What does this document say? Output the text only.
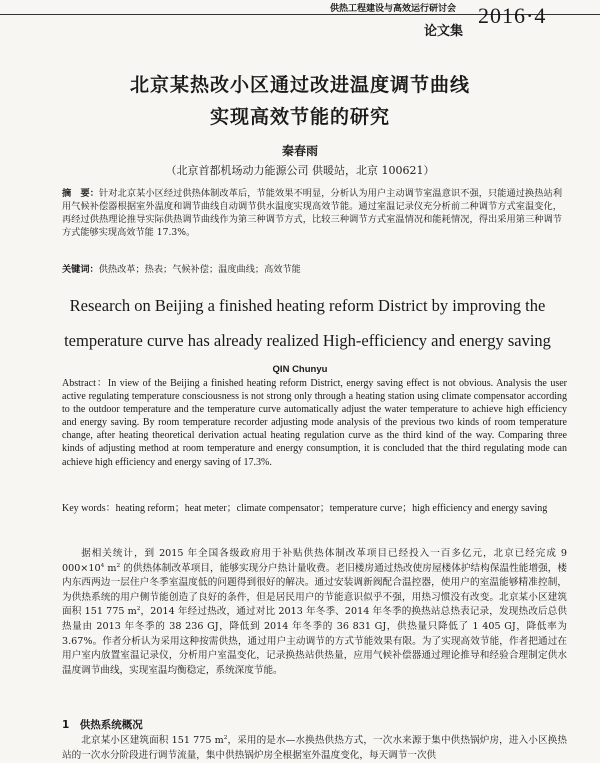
供热工程建设与高效运行研讨会
论文集
2016·4
北京某热改小区通过改进温度调节曲线
实现高效节能的研究
秦春雨
（北京首都机场动力能源公司 供暖站，北京 100621）
摘　要：针对北京某小区经过供热体制改革后，节能效果不明显，分析认为用户主动调节室温意识不强，只能通过换热站利用气候补偿器根据室外温度和调节曲线自动调节供水温度实现高效节能。通过室温记录仪充分析前二种调节方式室温变化，再经过供热理论推导实际供热调节曲线作为第三种调节方式，比较三种调节方式室温情况和能耗情况，得出采用第三种调节方式能够实现高效节能 17.3%。
关键词：供热改革；热表；气候补偿；温度曲线；高效节能
Research on Beijing a finished heating reform District by improving the
temperature curve has already realized High-efficiency and energy saving
QIN Chunyu
Abstract：In view of the Beijing a finished heating reform District, energy saving effect is not obvious. Analysis the user active regulating temperature consciousness is not strong only through a heating station using climate compensator according to the outdoor temperature and the temperature curve automatically adjust the water temperature to achieve high efficiency and energy saving. By room temperature recorder adjusting mode analysis of the previous two kinds of room temperature change, after heating theoretical derivation actual heating regulation curve as the third kind of the way. Comparing three kinds of adjusting method at room temperature and energy consumption, it is concluded that the third regulating mode can achieve high efficiency and energy saving of 17.3%.
Key words：heating reform；heat meter；climate compensator；temperature curve；high efficiency and energy saving
据相关统计，到 2015 年全国各级政府用于补贴供热体制改革项目已经投入一百多亿元，北京已经完成 9 $000\times 10^4$ $m^2$ 的供热体制改革项目，能够实现分户热计量收费。老旧楼房通过热改使房屋楼体护结构保温性能增强，楼内东西两边一层住户冬季室温度低的问题得到很好的解决。通过安装调新阀配合温控器，使用户的室温能够精准控制，为供热系统的用户侧节能创造了良好的条件，但是居民用户的节能意识似乎不强，用热习惯没有改变。北京某小区建筑面积 151 775 $m^2$，2014 年经过热改，通过对比 2013 年冬季、2014 年冬季的换热站总热表记录，发现热改后总供热量由 2013 年冬季的 38 236 GJ，降低到 2014 年冬季的 36 831 GJ，供热量只降低了 1 405 GJ，降低率为 3.67%。作者分析认为采用这种按需供热，通过用户主动调节的方式节能效果有限。为了实现高效节能，作者把通过在用户室内放置室温记录仪，分析用户室温变化，记录换热站供热量，应用气候补偿器通过理论推导和经验合理制定供水温度调节曲线，实现室温均衡稳定，系统深度节能。
1　供热系统概况
北京某小区建筑面积 151 775 $m^2$，采用的是水—水换热供热方式，一次水来源于集中供热锅炉房，进入小区换热站的一次水分阶段进行调节流量，集中供热锅炉房全根据室外温度变化，每天调节一次供
